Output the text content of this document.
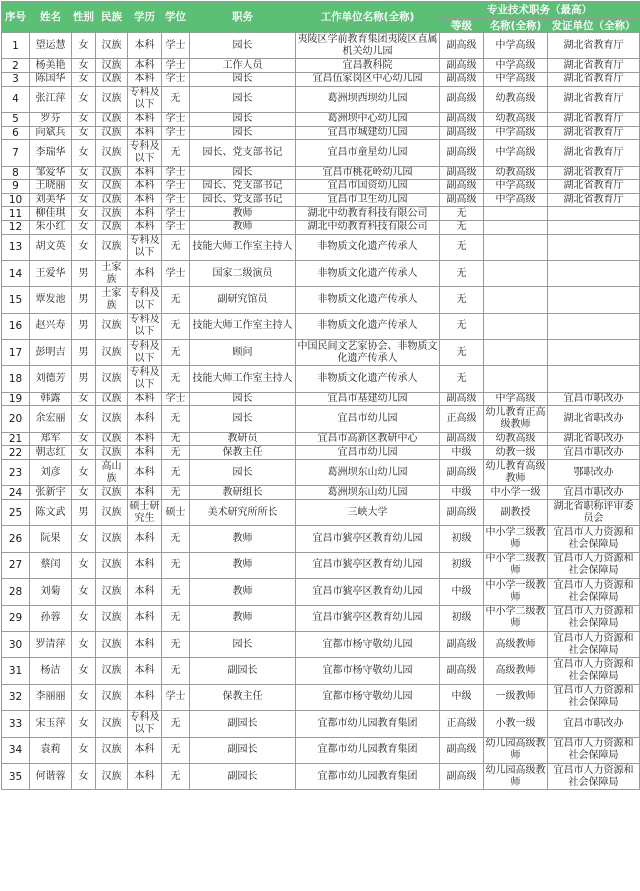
序号	姓名	性别	民族	学历	学位	职务	工作单位名称(全称)	专业技术职务（最高）		
								等级	名称(全称)	发证单位（全称）
1	望运慧	女	汉族	本科	学士	园长	夷陵区学前教育集团夷陵区直属机关幼儿园	副高级	中学高级	湖北省教育厅
2	杨美艳	女	汉族	本科	学士	工作人员	宜昌教科院	副高级	中学高级	湖北省教育厅
3	陈国华	女	汉族	本科	学士	园长	宜昌伍家岗区中心幼儿园	副高级	中学高级	湖北省教育厅
4	张江萍	女	汉族	专科及以下	无	园长	葛洲坝西坝幼儿园	副高级	幼教高级	湖北省教育厅
5	罗芬	女	汉族	本科	学士	园长	葛洲坝中心幼儿园	副高级	幼教高级	湖北省教育厅
6	向斌兵	女	汉族	本科	学士	园长	宜昌市城建幼儿园	副高级	中学高级	湖北省教育厅
7	李瑞华	女	汉族	专科及以下	无	园长、党支部书记	宜昌市童星幼儿园	副高级	中学高级	湖北省教育厅
8	邹爱华	女	汉族	本科	学士	园长	宜昌市桃花岭幼儿园	副高级	幼教高级	湖北省教育厅
9	王晓丽	女	汉族	本科	学士	园长、党支部书记	宜昌市国资幼儿园	副高级	中学高级	湖北省教育厅
10	刘美华	女	汉族	本科	学士	园长、党支部书记	宜昌市卫生幼儿园	副高级	中学高级	湖北省教育厅
11	柳佳琪	女	汉族	本科	学士	教师	湖北中幼教育科技有限公司	无		
12	朱小红	女	汉族	本科	学士	教师	湖北中幼教育科技有限公司	无		
13	胡文英	女	汉族	专科及以下	无	技能大师工作室主持人	非物质文化遗产传承人	无		
14	王爱华	男	土家族	本科	学士	国家二级演员	非物质文化遗产传承人	无		
15	覃发池	男	土家族	专科及以下	无	副研究馆员	非物质文化遗产传承人	无		
16	赵兴寿	男	汉族	专科及以下	无	技能大师工作室主持人	非物质文化遗产传承人	无		
17	彭明吉	男	汉族	专科及以下	无	顾问	中国民间文艺家协会、非物质文化遗产传承人	无		
18	刘德芳	男	汉族	专科及以下	无	技能大师工作室主持人	非物质文化遗产传承人	无		
19	韩露	女	汉族	本科	学士	园长	宜昌市基建幼儿园	副高级	中学高级	宜昌市职改办
20	余宏丽	女	汉族	本科	无	园长	宜昌市幼儿园	正高级	幼儿教育正高级教师	湖北省职改办
21	郑军	女	汉族	本科	无	教研员	宜昌市高新区教研中心	副高级	幼教高级	湖北省职改办
22	朝志红	女	汉族	本科	无	保教主任	宜昌市幼儿园	中级	幼教一级	宜昌市职改办
23	刘彦	女	高山族	本科	无	园长	葛洲坝东山幼儿园	副高级	幼儿教育高级教师	鄂职改办
24	张新宇	女	汉族	本科	无	教研组长	葛洲坝东山幼儿园	中级	中小学一级	宜昌市职改办
25	陈文武	男	汉族	硕士研究生	硕士	美术研究所所长	三峡大学	副高级	副教授	湖北省职称评审委员会
26	阮果	女	汉族	本科	无	教师	宜昌市猇亭区教育幼儿园	初级	中小学二级教师	宜昌市人力资源和社会保障局
27	蔡闰	女	汉族	本科	无	教师	宜昌市猇亭区教育幼儿园	初级	中小学二级教师	宜昌市人力资源和社会保障局
28	刘菊	女	汉族	本科	无	教师	宜昌市猇亭区教育幼儿园	中级	中小学一级教师	宜昌市人力资源和社会保障局
29	孙蓉	女	汉族	本科	无	教师	宜昌市猇亭区教育幼儿园	初级	中小学二级教师	宜昌市人力资源和社会保障局
30	罗清萍	女	汉族	本科	无	园长	宜都市杨守敬幼儿园	副高级	高级教师	宜昌市人力资源和社会保障局
31	杨洁	女	汉族	本科	无	副园长	宜都市杨守敬幼儿园	副高级	高级教师	宜昌市人力资源和社会保障局
32	李丽丽	女	汉族	本科	学士	保教主任	宜都市杨守敬幼儿园	中级	一级教师	宜昌市人力资源和社会保障局
33	宋玉萍	女	汉族	专科及以下	无	副园长	宜都市幼儿园教育集团	正高级	小教一级	宜昌市职改办
34	袁莉	女	汉族	本科	无	副园长	宜都市幼儿园教育集团	副高级	幼儿园高级教师	宜昌市人力资源和社会保障局
35	何谐蓉	女	汉族	本科	无	副园长	宜都市幼儿园教育集团	副高级	幼儿园高级教师	宜昌市人力资源和社会保障局
